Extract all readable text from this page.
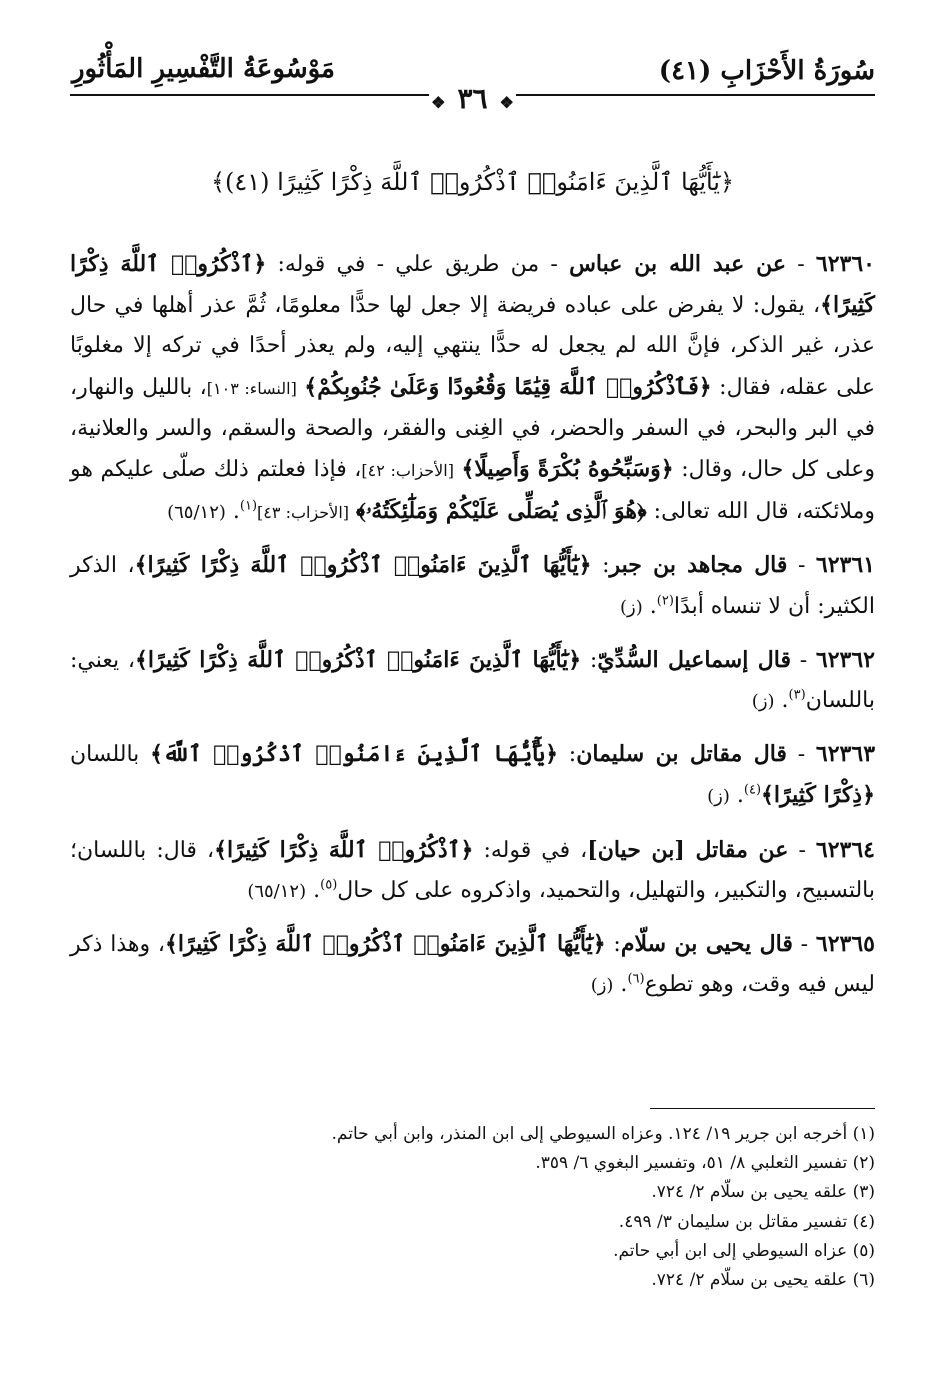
سُورَةُ الأَحْزَابِ (٤١)
مَوْسُوعَةُ التَّفْسِيرِ المَأْثُورِ
❖٣٦❖
﴿يَٰٓأَيُّهَا ٱلَّذِينَ ءَامَنُوا۟ ٱذْكُرُوا۟ ٱللَّهَ ذِكْرًا كَثِيرًا (٤١)﴾

٦٢٣٦٠ - عن عبد الله بن عباس - من طريق علي - في قوله: ﴿ٱذْكُرُوا۟ ٱللَّهَ ذِكْرًا كَثِيرًا﴾، يقول: لا يفرض على عباده فريضة إلا جعل لها حدًّا معلومًا، ثُمَّ عذر أهلها في حال عذر، غير الذكر، فإنَّ الله لم يجعل له حدًّا ينتهي إليه، ولم يعذر أحدًا في تركه إلا مغلوبًا على عقله، فقال: ﴿فَٱذْكُرُوا۟ ٱللَّهَ قِيَٰمًا وَقُعُودًا وَعَلَىٰ جُنُوبِكُمْ﴾ [النساء: ١٠٣]، بالليل والنهار، في البر والبحر، في السفر والحضر، في الغِنى والفقر، والصحة والسقم، والسر والعلانية، وعلى كل حال، وقال: ﴿وَسَبِّحُوهُ بُكْرَةً وَأَصِيلًا﴾ [الأحزاب: ٤٢]، فإذا فعلتم ذلك صلّى عليكم هو وملائكته، قال الله تعالى: ﴿هُوَ ٱلَّذِى يُصَلِّى عَلَيْكُمْ وَمَلَٰٓئِكَتُهُۥ﴾ [الأحزاب: ٤٣]$^{(١)}$. (٦٥/١٢)

٦٢٣٦١ - قال مجاهد بن جبر: ﴿يَٰٓأَيُّهَا ٱلَّذِينَ ءَامَنُوا۟ ٱذْكُرُوا۟ ٱللَّهَ ذِكْرًا كَثِيرًا﴾، الذكر الكثير: أن لا تنساه أبدًا$^{(٢)}$. (ز)

٦٢٣٦٢ - قال إسماعيل السُّدِّيّ: ﴿يَٰٓأَيُّهَا ٱلَّذِينَ ءَامَنُوا۟ ٱذْكُرُوا۟ ٱللَّهَ ذِكْرًا كَثِيرًا﴾، يعني: باللسان$^{(٣)}$. (ز)

٦٢٣٦٣ - قال مقاتل بن سليمان: ﴿يَٰٓأَيُّهَا ٱلَّذِينَ ءَامَنُوا۟ ٱذْكُرُوا۟ ٱللَّهَ﴾ باللسان ﴿ذِكْرًا كَثِيرًا﴾$^{(٤)}$. (ز)

٦٢٣٦٤ - عن مقاتل [بن حيان]، في قوله: ﴿ٱذْكُرُوا۟ ٱللَّهَ ذِكْرًا كَثِيرًا﴾، قال: باللسان؛ بالتسبيح، والتكبير، والتهليل، والتحميد، واذكروه على كل حال$^{(٥)}$. (٦٥/١٢)

٦٢٣٦٥ - قال يحيى بن سلّام: ﴿يَٰٓأَيُّهَا ٱلَّذِينَ ءَامَنُوا۟ ٱذْكُرُوا۟ ٱللَّهَ ذِكْرًا كَثِيرًا﴾، وهذا ذكر ليس فيه وقت، وهو تطوع$^{(٦)}$. (ز)

(١) أخرجه ابن جرير ١٩/ ١٢٤. وعزاه السيوطي إلى ابن المنذر، وابن أبي حاتم.
(٢) تفسير الثعلبي ٨/ ٥١، وتفسير البغوي ٦/ ٣٥٩.
(٣) علقه يحيى بن سلّام ٢/ ٧٢٤.
(٤) تفسير مقاتل بن سليمان ٣/ ٤٩٩.
(٥) عزاه السيوطي إلى ابن أبي حاتم.
(٦) علقه يحيى بن سلّام ٢/ ٧٢٤.
